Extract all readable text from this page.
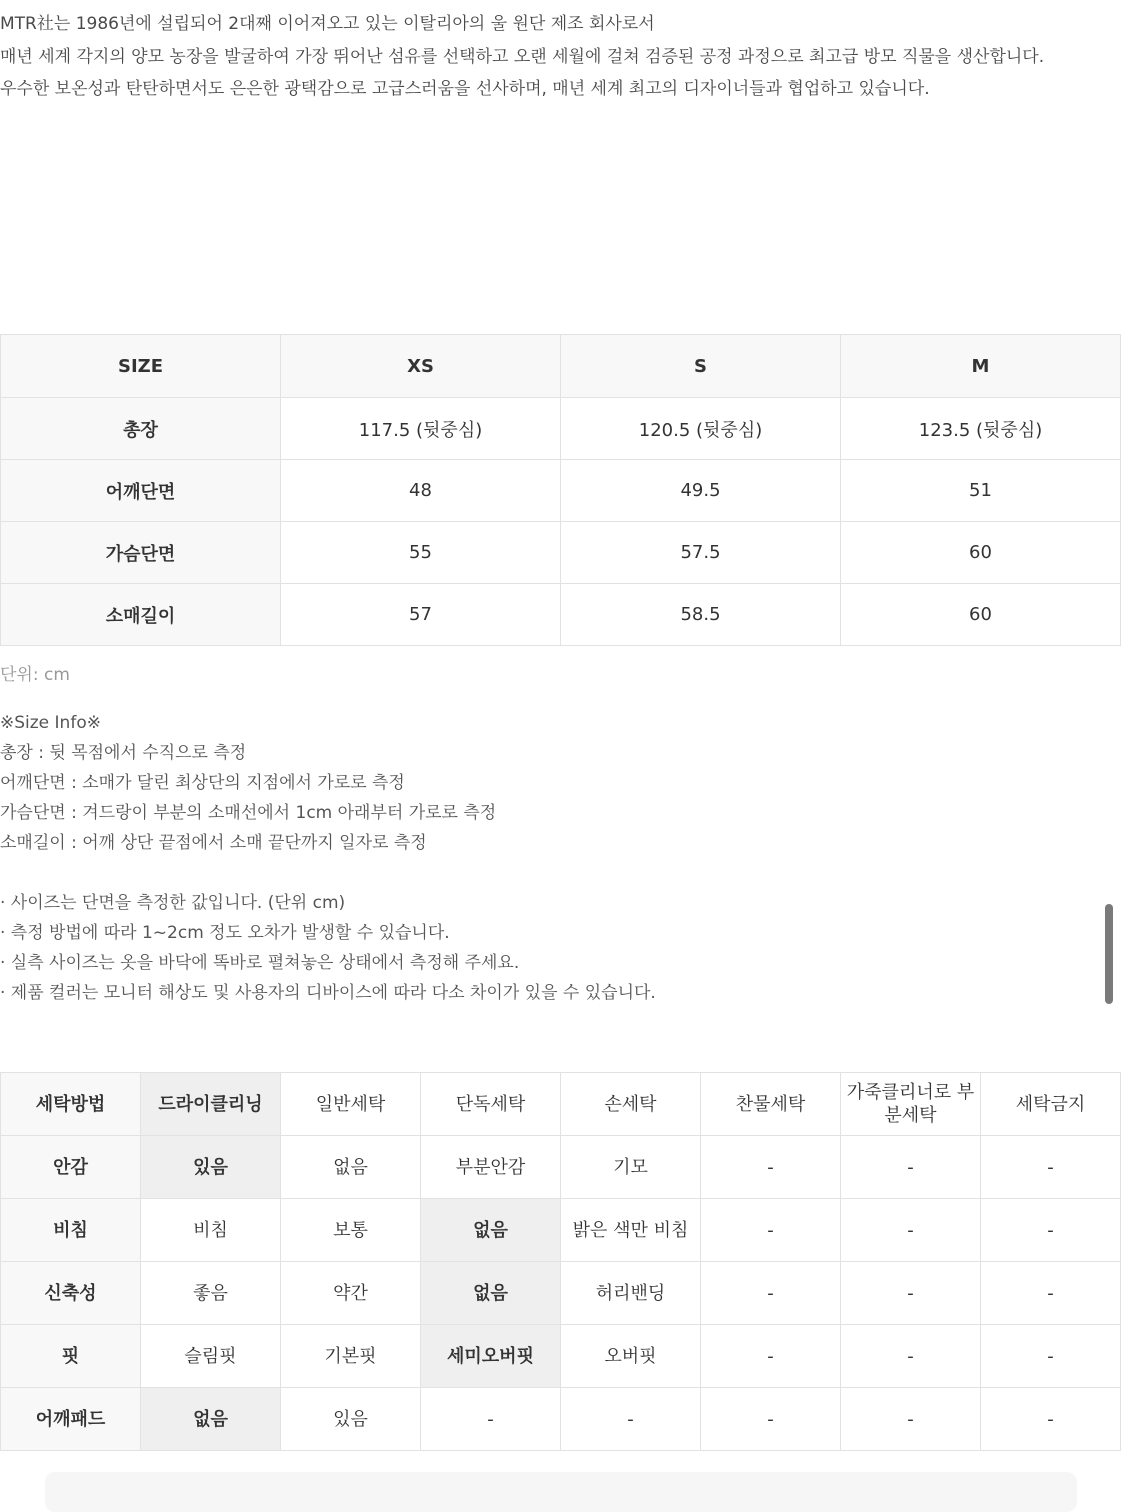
MTR社는 1986년에 설립되어 2대째 이어져오고 있는 이탈리아의 울 원단 제조 회사로서

매년 세계 각지의 양모 농장을 발굴하여 가장 뛰어난 섬유를 선택하고 오랜 세월에 걸쳐 검증된 공정 과정으로 최고급 방모 직물을 생산합니다.

우수한 보온성과 탄탄하면서도 은은한 광택감으로 고급스러움을 선사하며, 매년 세계 최고의 디자이너들과 협업하고 있습니다.

SIZE	XS	S	M
총장	117.5 (뒷중심)	120.5 (뒷중심)	123.5 (뒷중심)
어깨단면	48	49.5	51
가슴단면	55	57.5	60
소매길이	57	58.5	60
단위: cm

※Size Info※

총장 : 뒷 목점에서 수직으로 측정

어깨단면 : 소매가 달린 최상단의 지점에서 가로로 측정

가슴단면 : 겨드랑이 부분의 소매선에서 1cm 아래부터 가로로 측정

소매길이 : 어깨 상단 끝점에서 소매 끝단까지 일자로 측정

· 사이즈는 단면을 측정한 값입니다. (단위 cm)

· 측정 방법에 따라 1~2cm 정도 오차가 발생할 수 있습니다.

· 실측 사이즈는 옷을 바닥에 똑바로 펼쳐놓은 상태에서 측정해 주세요.

· 제품 컬러는 모니터 해상도 및 사용자의 디바이스에 따라 다소 차이가 있을 수 있습니다.

세탁방법	드라이클리닝	일반세탁	단독세탁	손세탁	찬물세탁	가죽클리너로 부분세탁	세탁금지
안감	있음	없음	부분안감	기모	-	-	-
비침	비침	보통	없음	밝은 색만 비침	-	-	-
신축성	좋음	약간	없음	허리밴딩	-	-	-
핏	슬림핏	기본핏	세미오버핏	오버핏	-	-	-
어깨패드	없음	있음	-	-	-	-	-
